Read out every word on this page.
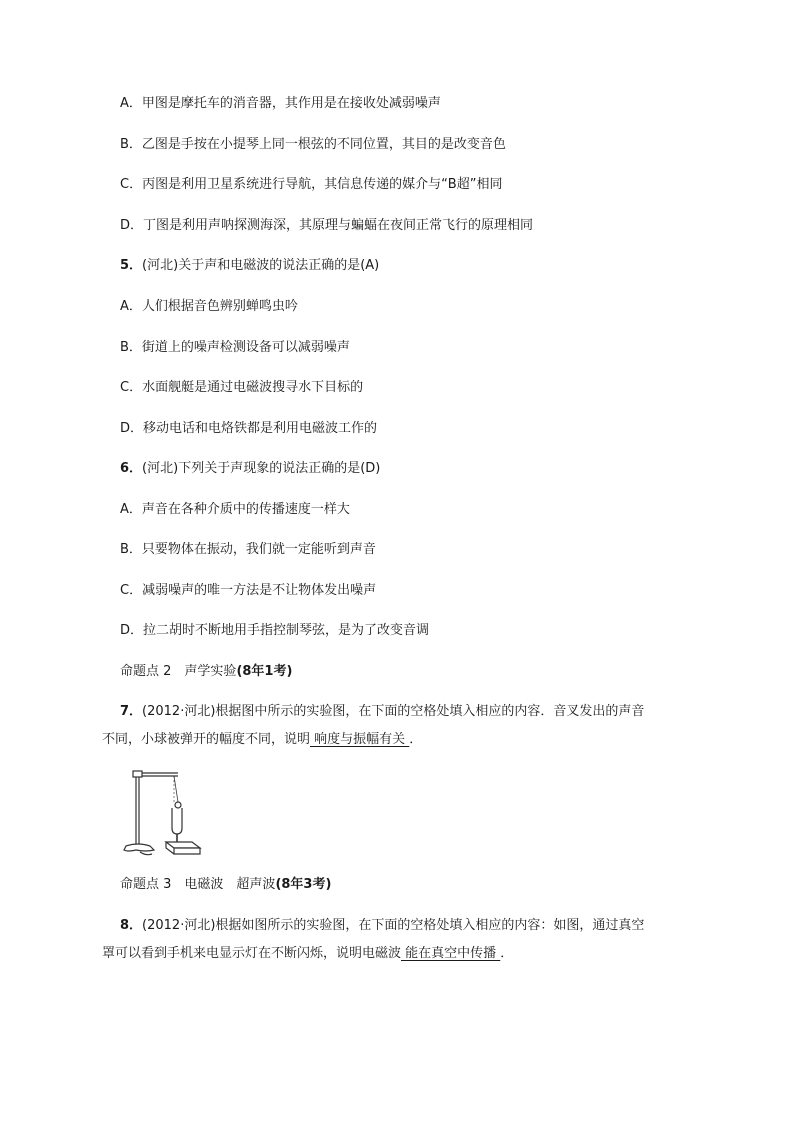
A．甲图是摩托车的消音器，其作用是在接收处减弱噪声
B．乙图是手按在小提琴上同一根弦的不同位置，其目的是改变音色
C．丙图是利用卫星系统进行导航，其信息传递的媒介与“B超”相同
D．丁图是利用声呐探测海深，其原理与蝙蝠在夜间正常飞行的原理相同
5．(河北)关于声和电磁波的说法正确的是(A)
A．人们根据音色辨别蝉鸣虫吟
B．街道上的噪声检测设备可以减弱噪声
C．水面舰艇是通过电磁波搜寻水下目标的
D．移动电话和电烙铁都是利用电磁波工作的
6．(河北)下列关于声现象的说法正确的是(D)
A．声音在各种介质中的传播速度一样大
B．只要物体在振动，我们就一定能听到声音
C．减弱噪声的唯一方法是不让物体发出噪声
D．拉二胡时不断地用手指控制琴弦，是为了改变音调
命题点 2　 声学实验(8年1考)
7．(2012·河北)根据图中所示的实验图，在下面的空格处填入相应的内容．音叉发出的声音
不同，小球被弹开的幅度不同，说明 响度与振幅有关 ．
命题点 3　 电磁波　超声波(8年3考)
8．(2012·河北)根据如图所示的实验图，在下面的空格处填入相应的内容：如图，通过真空
罩可以看到手机来电显示灯在不断闪烁，说明电磁波 能在真空中传播 ．
